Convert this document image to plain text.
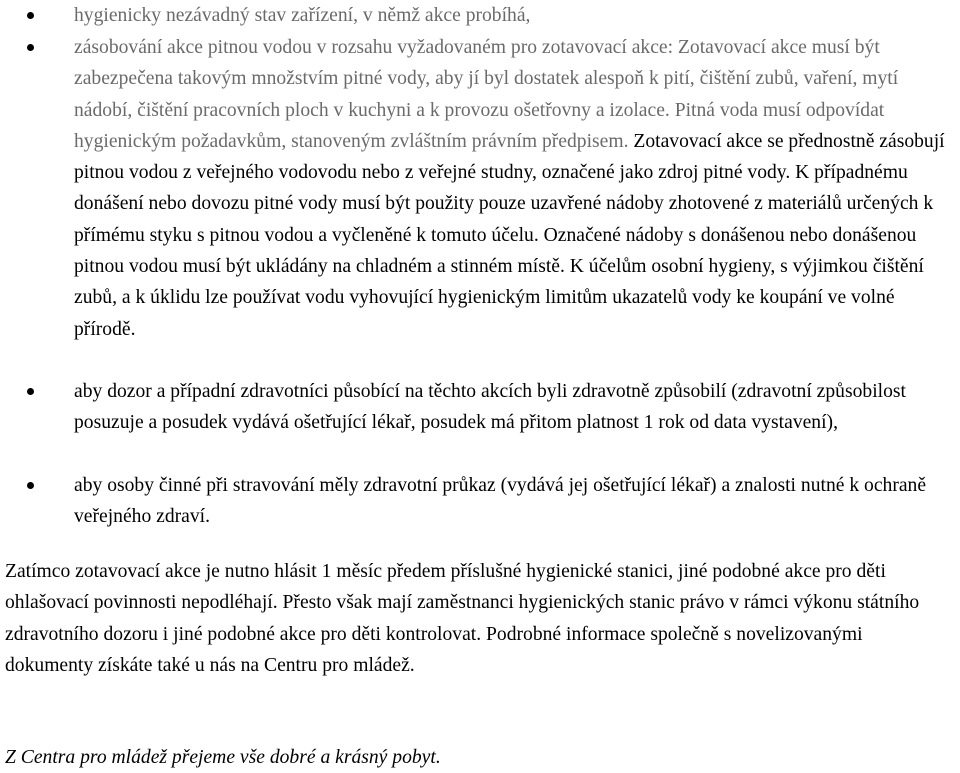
hygienicky nezávadný stav zařízení, v němž akce probíhá,
zásobování akce pitnou vodou v rozsahu vyžadovaném pro zotavovací akce: Zotavovací akce musí být zabezpečena takovým množstvím pitné vody, aby jí byl dostatek alespoň k pití, čištění zubů, vaření, mytí nádobí, čištění pracovních ploch v kuchyni a k provozu ošetřovny a izolace. Pitná voda musí odpovídat hygienickým požadavkům, stanoveným zvláštním právním předpisem. Zotavovací akce se přednostně zásobují pitnou vodou z veřejného vodovodu nebo z veřejné studny, označené jako zdroj pitné vody. K případnému donášení nebo dovozu pitné vody musí být použity pouze uzavřené nádoby zhotovené z materiálů určených k přímému styku s pitnou vodou a vyčleněné k tomuto účelu. Označené nádoby s donášenou nebo donášenou pitnou vodou musí být ukládány na chladném a stinném místě. K účelům osobní hygieny, s výjimkou čištění zubů, a k úklidu lze používat vodu vyhovující hygienickým limitům ukazatelů vody ke koupání ve volné přírodě.
aby dozor a případní zdravotníci působící na těchto akcích byli zdravotně způsobilí (zdravotní způsobilost posuzuje a posudek vydává ošetřující lékař, posudek má přitom platnost 1 rok od data vystavení),
aby osoby činné při stravování měly zdravotní průkaz (vydává jej ošetřující lékař) a znalosti nutné k ochraně veřejného zdraví.

Zatímco zotavovací akce je nutno hlásit 1 měsíc předem příslušné hygienické stanici, jiné podobné akce pro děti ohlašovací povinnosti nepodléhají. Přesto však mají zaměstnanci hygienických stanic právo v rámci výkonu státního zdravotního dozoru i jiné podobné akce pro děti kontrolovat. Podrobné informace společně s novelizovanými dokumenty získáte také u nás na Centru pro mládež.

Z Centra pro mládež přejeme vše dobré a krásný pobyt.
